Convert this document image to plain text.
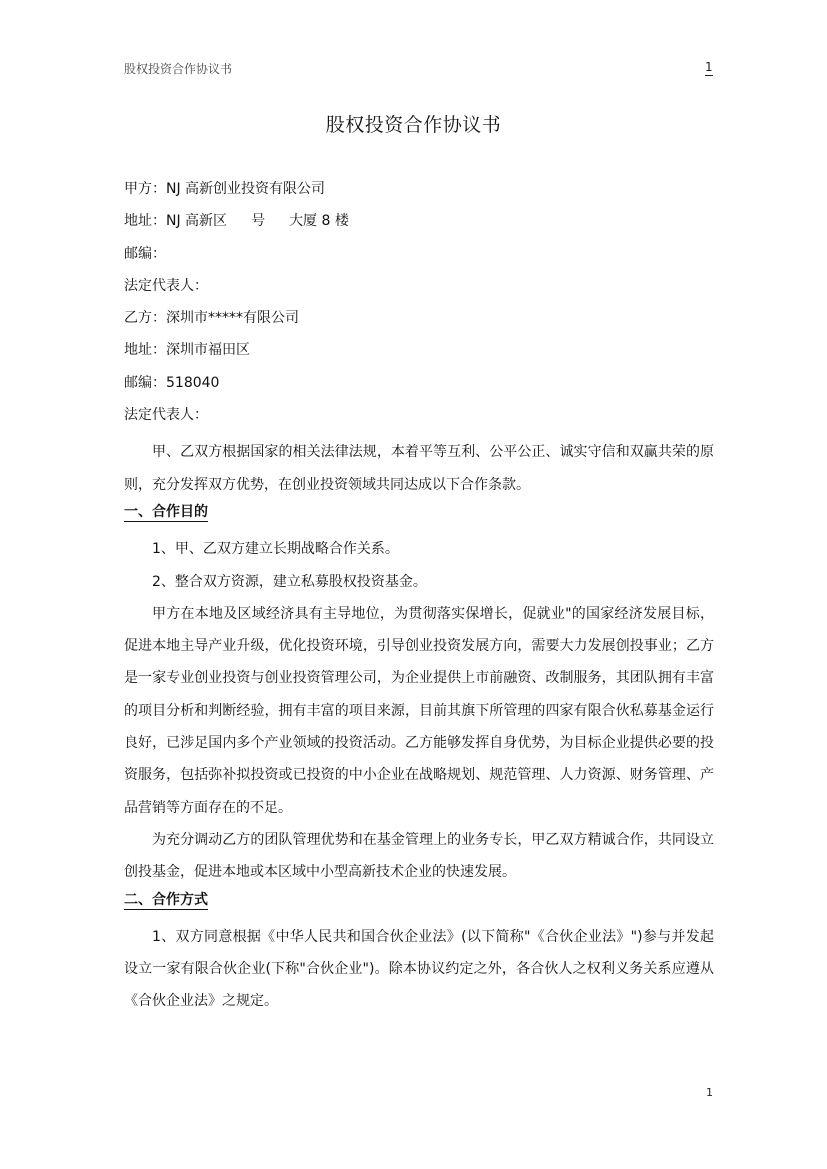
股权投资合作协议书	1
股权投资合作协议书
甲方：NJ 高新创业投资有限公司
地址：NJ 高新区 号 大厦 8 楼
邮编：
法定代表人：
乙方：深圳市*****有限公司
地址：深圳市福田区
邮编：518040
法定代表人：

甲、乙双方根据国家的相关法律法规，本着平等互利、公平公正、诚实守信和双赢共荣的原则，充分发挥双方优势，在创业投资领域共同达成以下合作条款。

一、合作目的

1、甲、乙双方建立长期战略合作关系。

2、整合双方资源，建立私募股权投资基金。

甲方在本地及区域经济具有主导地位，为贯彻落实保增长，促就业"的国家经济发展目标，促进本地主导产业升级，优化投资环境，引导创业投资发展方向，需要大力发展创投事业；乙方是一家专业创业投资与创业投资管理公司，为企业提供上市前融资、改制服务，其团队拥有丰富的项目分析和判断经验，拥有丰富的项目来源，目前其旗下所管理的四家有限合伙私募基金运行良好，已涉足国内多个产业领域的投资活动。乙方能够发挥自身优势，为目标企业提供必要的投资服务，包括弥补拟投资或已投资的中小企业在战略规划、规范管理、人力资源、财务管理、产品营销等方面存在的不足。

为充分调动乙方的团队管理优势和在基金管理上的业务专长，甲乙双方精诚合作，共同设立创投基金，促进本地或本区域中小型高新技术企业的快速发展。

二、合作方式

1、双方同意根据《中华人民共和国合伙企业法》(以下简称"《合伙企业法》")参与并发起设立一家有限合伙企业(下称"合伙企业")。除本协议约定之外，各合伙人之权利义务关系应遵从《合伙企业法》之规定。

1
